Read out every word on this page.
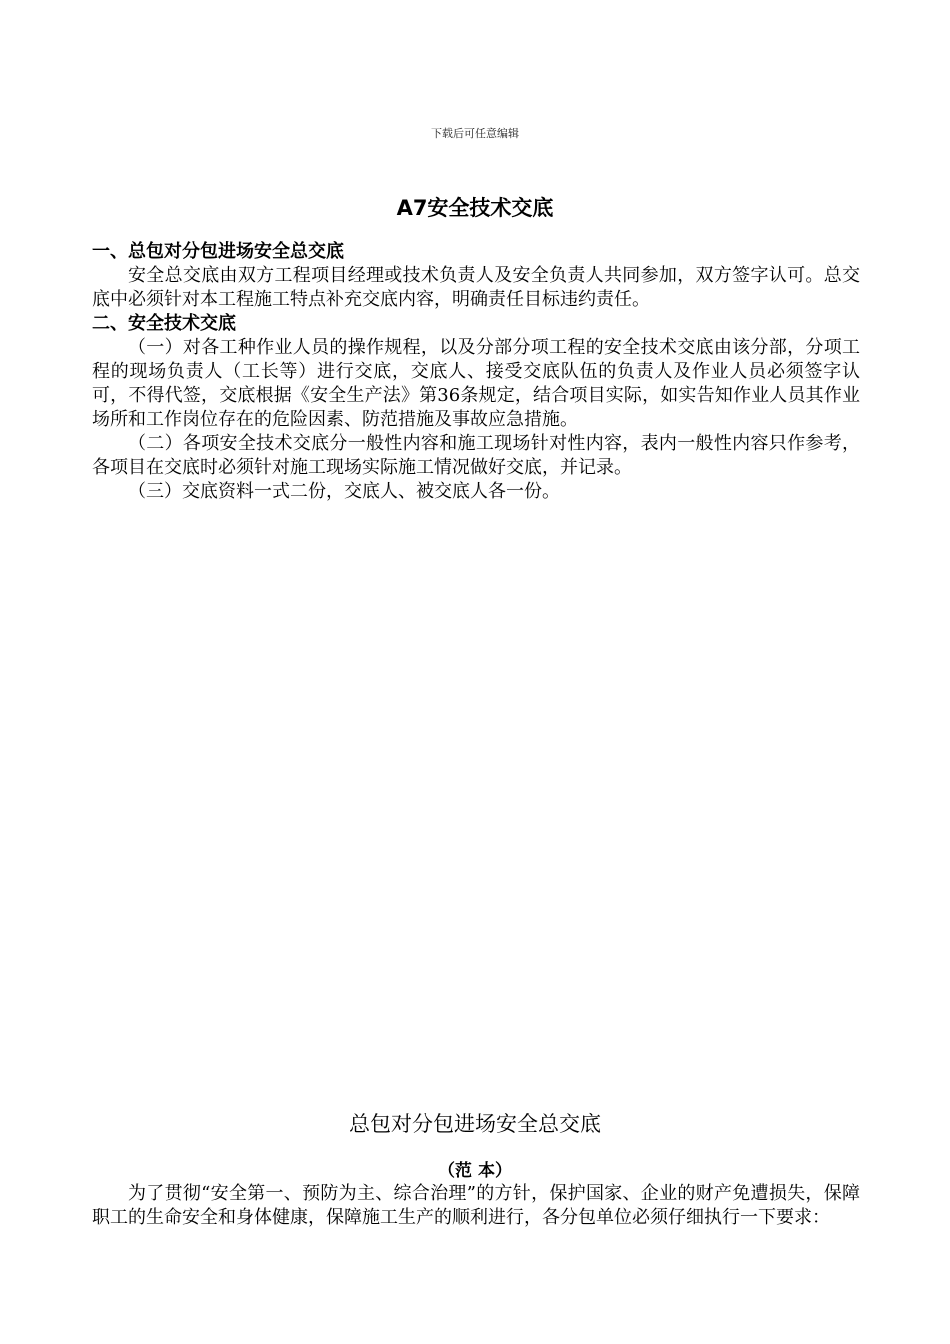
下载后可任意编辑
A7安全技术交底

一、总包对分包进场安全总交底

安全总交底由双方工程项目经理或技术负责人及安全负责人共同参加，双方签字认可。总交底中必须针对本工程施工特点补充交底内容，明确责任目标违约责任。

二、安全技术交底

（一）对各工种作业人员的操作规程，以及分部分项工程的安全技术交底由该分部，分项工程的现场负责人（工长等）进行交底，交底人、接受交底队伍的负责人及作业人员必须签字认可，不得代签，交底根据《安全生产法》第36条规定，结合项目实际，如实告知作业人员其作业场所和工作岗位存在的危险因素、防范措施及事故应急措施。

（二）各项安全技术交底分一般性内容和施工现场针对性内容，表内一般性内容只作参考，各项目在交底时必须针对施工现场实际施工情况做好交底，并记录。

（三）交底资料一式二份，交底人、被交底人各一份。

总包对分包进场安全总交底
（范 本）

为了贯彻“安全第一、预防为主、综合治理”的方针，保护国家、企业的财产免遭损失，保障职工的生命安全和身体健康，保障施工生产的顺利进行，各分包单位必须仔细执行一下要求：
